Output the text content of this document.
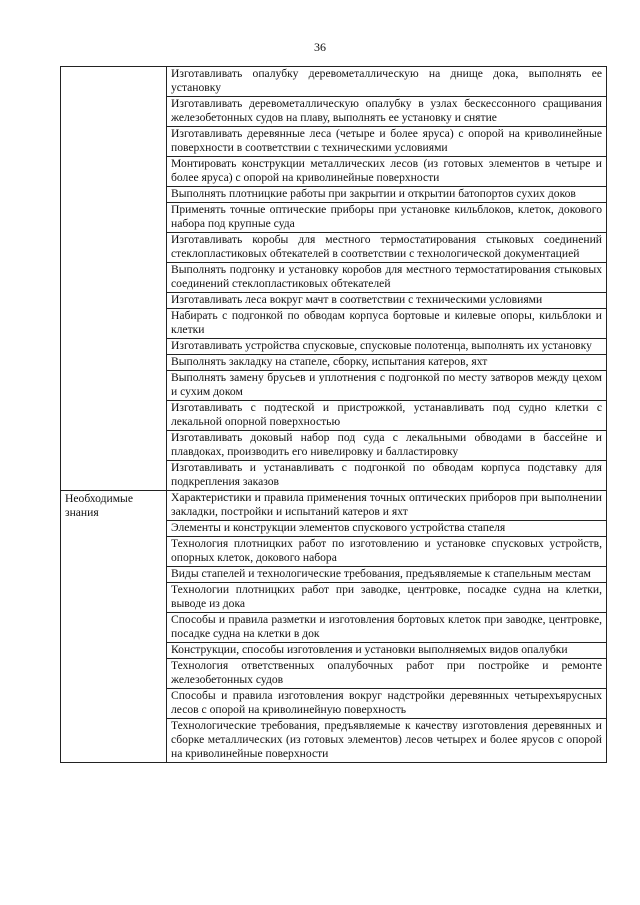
36
	Изготавливать опалубку деревометаллическую на днище дока, выполнять ее установку
	Изготавливать деревометаллическую опалубку в узлах бескессонного сращивания железобетонных судов на плаву, выполнять ее установку и снятие
	Изготавливать деревянные леса (четыре и более яруса) с опорой на криволинейные поверхности в соответствии с техническими условиями
	Монтировать конструкции металлических лесов (из готовых элементов в четыре и более яруса) с опорой на криволинейные поверхности
	Выполнять плотницкие работы при закрытии и открытии батопортов сухих доков
	Применять точные оптические приборы при установке кильблоков, клеток, докового набора под крупные суда
	Изготавливать коробы для местного термостатирования стыковых соединений стеклопластиковых обтекателей в соответствии с технологической документацией
	Выполнять подгонку и установку коробов для местного термостатирования стыковых соединений стеклопластиковых обтекателей
	Изготавливать леса вокруг мачт в соответствии с техническими условиями
	Набирать с подгонкой по обводам корпуса бортовые и килевые опоры, кильблоки и клетки
	Изготавливать устройства спусковые, спусковые полотенца, выполнять их установку
	Выполнять закладку на стапеле, сборку, испытания катеров, яхт
	Выполнять замену брусьев и уплотнения с подгонкой по месту затворов между цехом и сухим доком
	Изготавливать с подтеской и пристрожкой, устанавливать под судно клетки с лекальной опорной поверхностью
	Изготавливать доковый набор под суда с лекальными обводами в бассейне и плавдоках, производить его нивелировку и балластировку
	Изготавливать и устанавливать с подгонкой по обводам корпуса подставку для подкрепления заказов

Необходимые знания	Характеристики и правила применения точных оптических приборов при выполнении закладки, постройки и испытаний катеров и яхт
	Элементы и конструкции элементов спускового устройства стапеля
	Технология плотницких работ по изготовлению и установке спусковых устройств, опорных клеток, докового набора
	Виды стапелей и технологические требования, предъявляемые к стапельным местам
	Технологии плотницких работ при заводке, центровке, посадке судна на клетки, выводе из дока
	Способы и правила разметки и изготовления бортовых клеток при заводке, центровке, посадке судна на клетки в док
	Конструкции, способы изготовления и установки выполняемых видов опалубки
	Технология ответственных опалубочных работ при постройке и ремонте железобетонных судов
	Способы и правила изготовления вокруг надстройки деревянных четырехъярусных лесов с опорой на криволинейную поверхность
	Технологические требования, предъявляемые к качеству изготовления деревянных и сборке металлических (из готовых элементов) лесов четырех и более ярусов с опорой на криволинейные поверхности
